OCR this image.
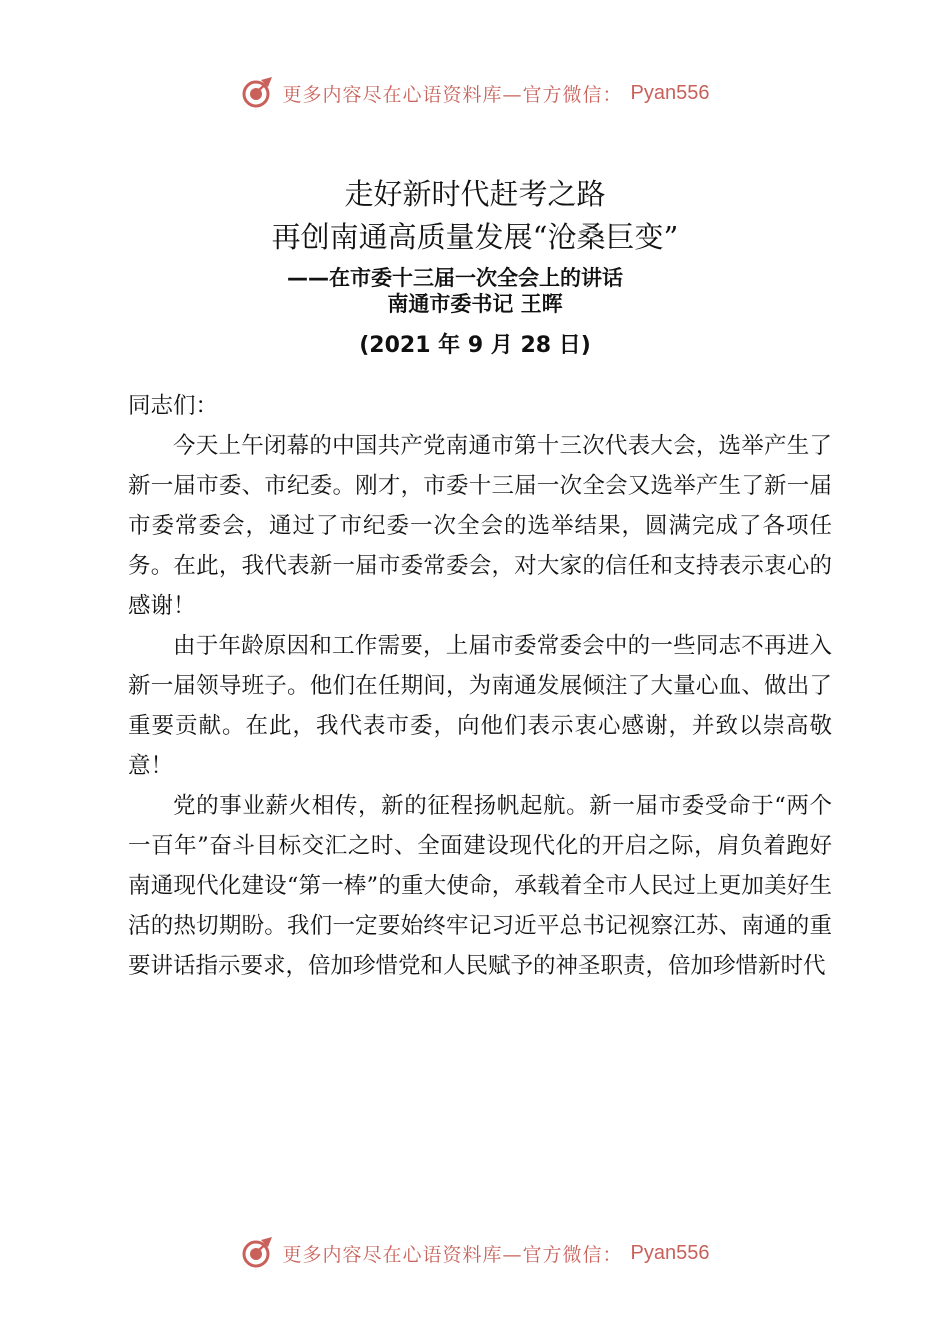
更多内容尽在心语资料库—官方微信： Pyan556
走好新时代赶考之路
再创南通高质量发展“沧桑巨变”
——在市委十三届一次全会上的讲话
南通市委书记 王晖
(2021 年 9 月 28 日)

同志们：

今天上午闭幕的中国共产党南通市第十三次代表大会，选举产生了新一届市委、市纪委。刚才，市委十三届一次全会又选举产生了新一届市委常委会，通过了市纪委一次全会的选举结果，圆满完成了各项任务。在此，我代表新一届市委常委会，对大家的信任和支持表示衷心的感谢！

由于年龄原因和工作需要，上届市委常委会中的一些同志不再进入新一届领导班子。他们在任期间，为南通发展倾注了大量心血、做出了重要贡献。在此，我代表市委，向他们表示衷心感谢，并致以崇高敬意！

党的事业薪火相传，新的征程扬帆起航。新一届市委受命于“两个一百年”奋斗目标交汇之时、全面建设现代化的开启之际，肩负着跑好南通现代化建设“第一棒”的重大使命，承载着全市人民过上更加美好生活的热切期盼。我们一定要始终牢记习近平总书记视察江苏、南通的重要讲话指示要求，倍加珍惜党和人民赋予的神圣职责，倍加珍惜新时代

更多内容尽在心语资料库—官方微信： Pyan556
